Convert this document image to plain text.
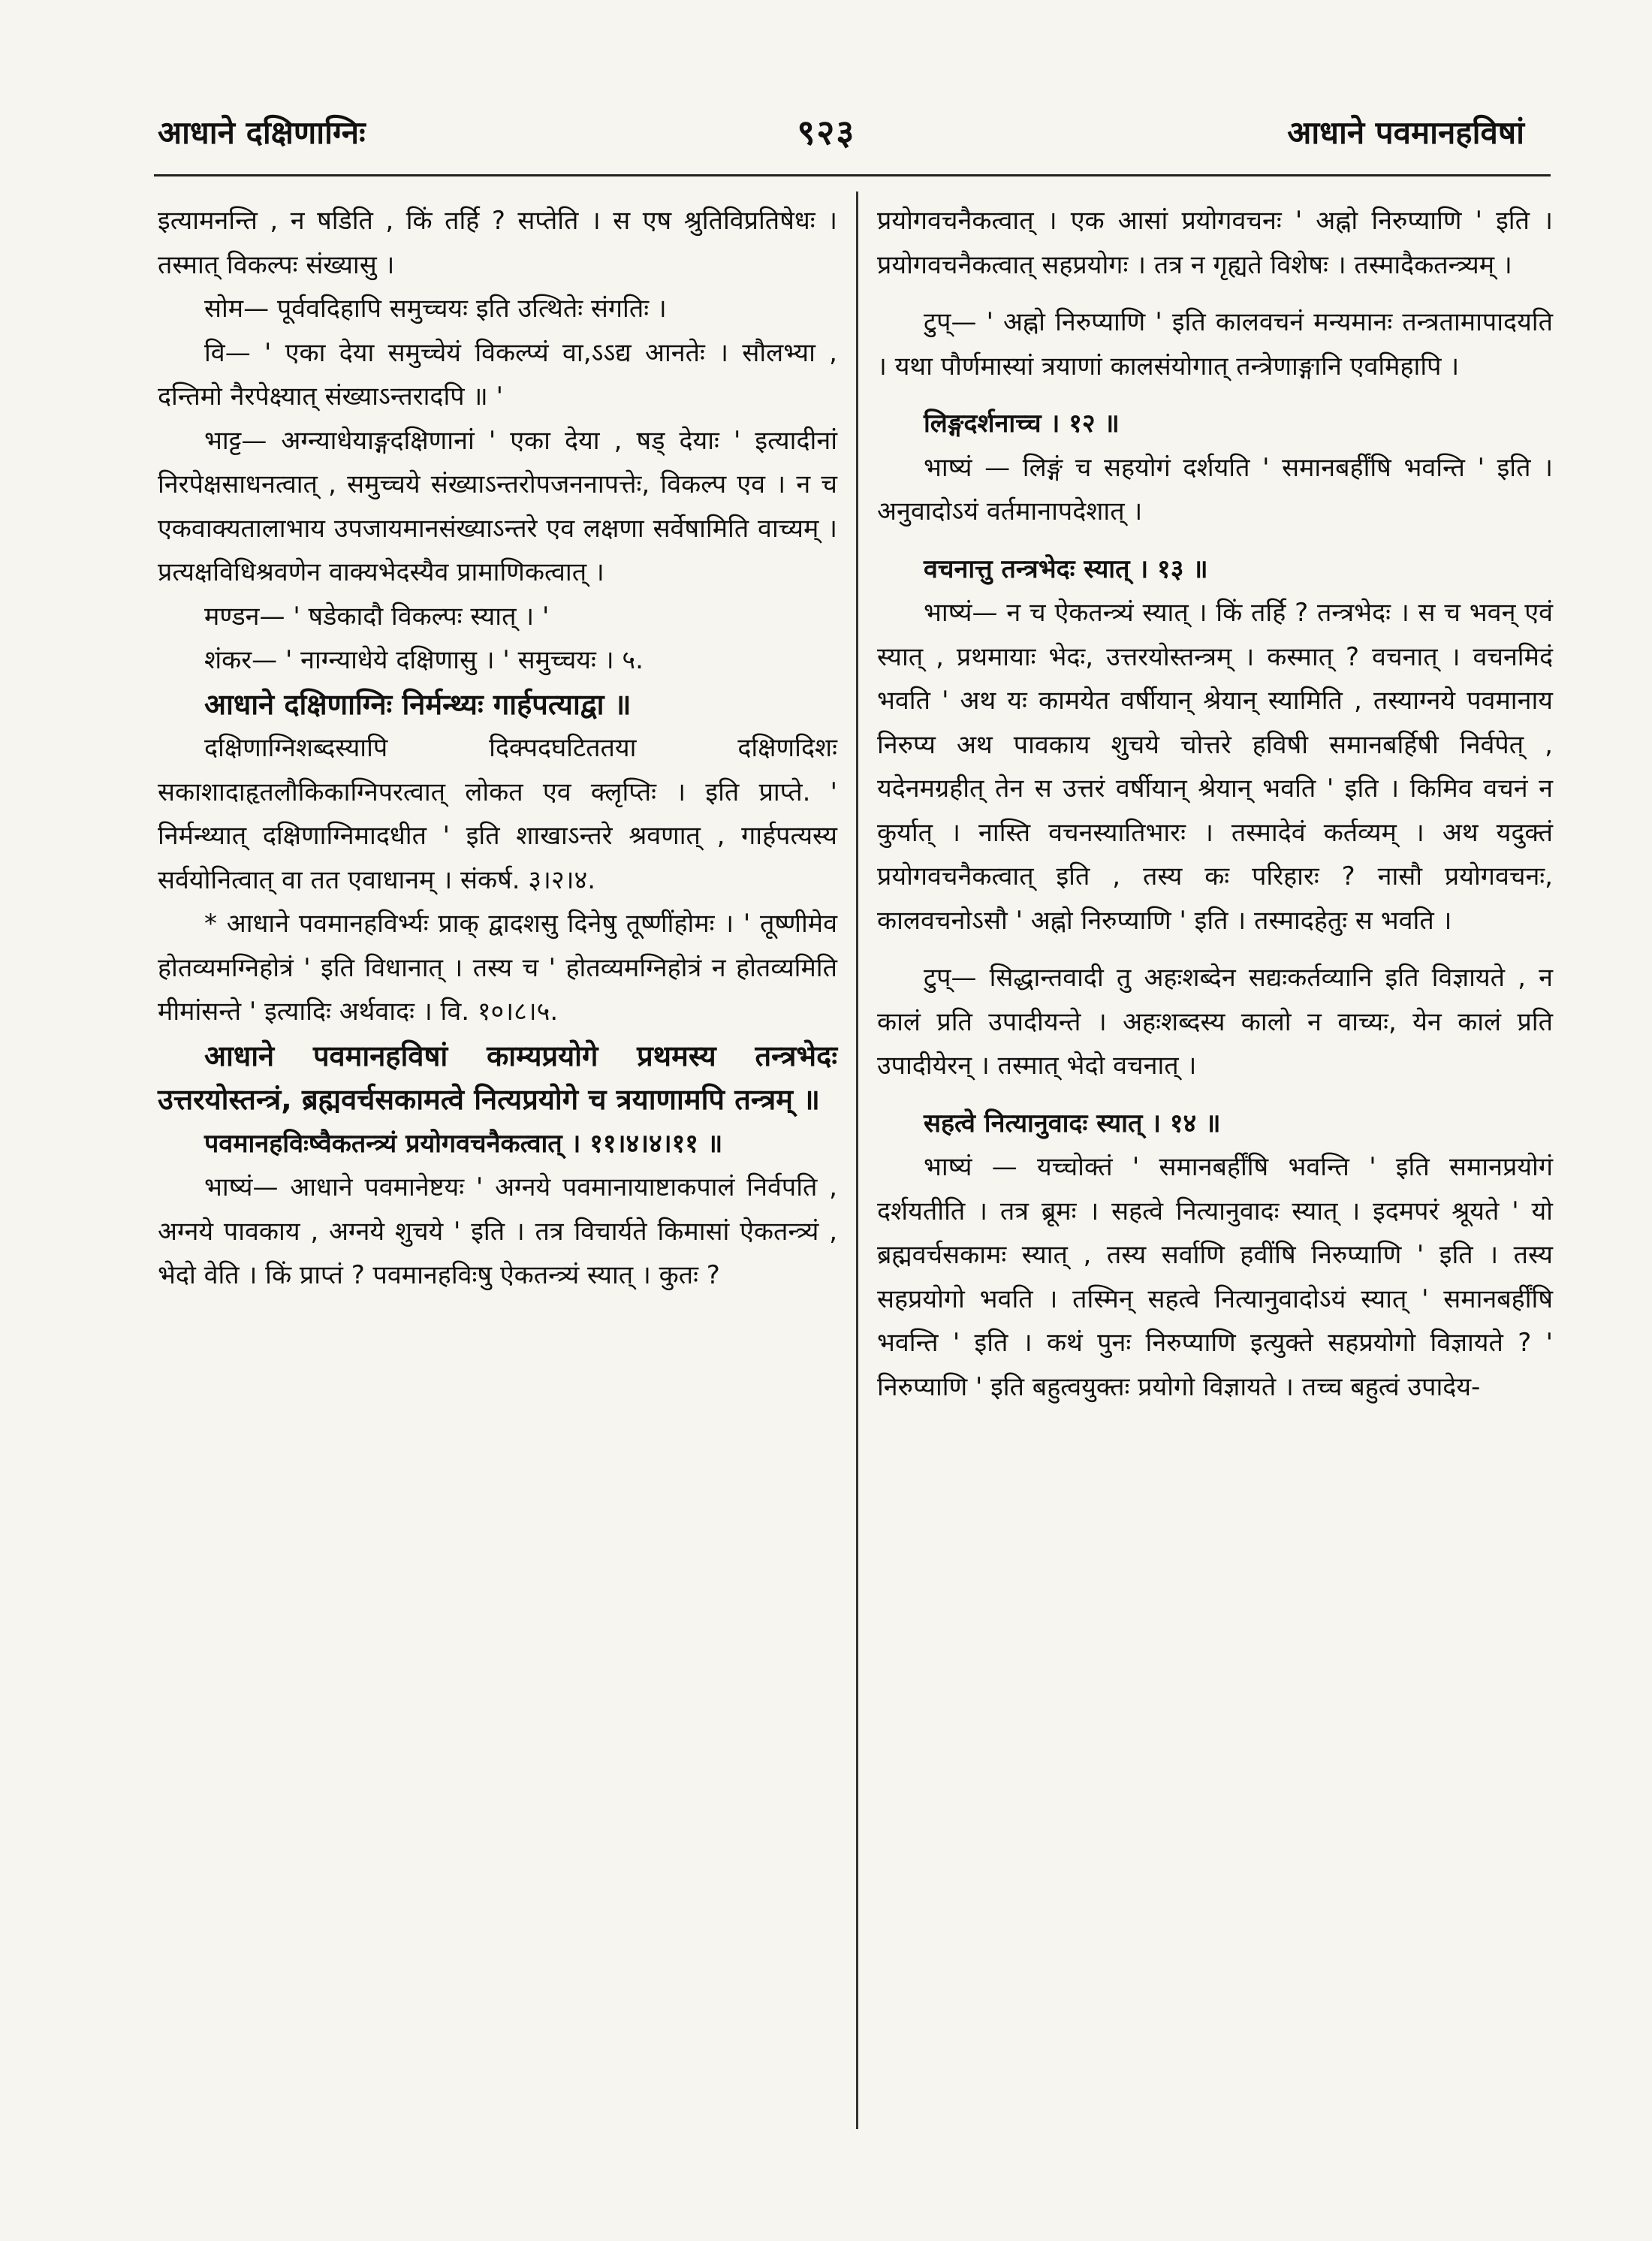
आधाने दक्षिणाग्निः	९२३	आधाने पवमानहविषां

इत्यामनन्ति , न षडिति , किं तर्हि ? सप्तेति । स एष श्रुतिविप्रतिषेधः । तस्मात् विकल्पः संख्यासु ।

सोम— पूर्ववदिहापि समुच्चयः इति उत्थितेः संगतिः ।

वि— ' एका देया समुच्चेयं विकल्प्यं वा,ऽऽद्य आनतेः । सौलभ्या , दन्तिमो नैरपेक्ष्यात् संख्याऽन्तरादपि ॥ '

भाट्ट— अग्न्याधेयाङ्गदक्षिणानां ' एका देया , षड् देयाः ' इत्यादीनां निरपेक्षसाधनत्वात् , समुच्चये संख्याऽन्तरोपजननापत्तेः, विकल्प एव । न च एकवाक्यतालाभाय उपजायमानसंख्याऽन्तरे एव लक्षणा सर्वेषामिति वाच्यम् । प्रत्यक्षविधिश्रवणेन वाक्यभेदस्यैव प्रामाणिकत्वात् ।

मण्डन— ' षडेकादौ विकल्पः स्यात् । '

शंकर— ' नाग्न्याधेये दक्षिणासु । ' समुच्चयः । ५.

आधाने दक्षिणाग्निः निर्मन्थ्यः गार्हपत्याद्वा ॥

दक्षिणाग्निशब्दस्यापि दिक्पदघटिततया दक्षिणदिशः सकाशादाहृतलौकिकाग्निपरत्वात् लोकत एव क्लृप्तिः । इति प्राप्ते. ' निर्मन्थ्यात् दक्षिणाग्निमादधीत ' इति शाखाऽन्तरे श्रवणात् , गार्हपत्यस्य सर्वयोनित्वात् वा तत एवाधानम् । संकर्ष. ३।२।४.

* आधाने पवमानहविर्भ्यः प्राक् द्वादशसु दिनेषु तूष्णींहोमः । ' तूष्णीमेव होतव्यमग्निहोत्रं ' इति विधानात् । तस्य च ' होतव्यमग्निहोत्रं न होतव्यमिति मीमांसन्ते ' इत्यादिः अर्थवादः । वि. १०।८।५.

आधाने पवमानहविषां काम्यप्रयोगे प्रथमस्य तन्त्रभेदः उत्तरयोस्तन्त्रं, ब्रह्मवर्चसकामत्वे नित्यप्रयोगे च त्रयाणामपि तन्त्रम् ॥

पवमानहविःष्वैकतन्त्र्यं प्रयोगवचनैकत्वात् । ११।४।४।११ ॥

भाष्यं— आधाने पवमानेष्टयः ' अग्नये पवमानायाष्टाकपालं निर्वपति , अग्नये पावकाय , अग्नये शुचये ' इति । तत्र विचार्यते किमासां ऐकतन्त्र्यं , भेदो वेति । किं प्राप्तं ? पवमानहविःषु ऐकतन्त्र्यं स्यात् । कुतः ?

प्रयोगवचनैकत्वात् । एक आसां प्रयोगवचनः ' अह्नो निरुप्याणि ' इति । प्रयोगवचनैकत्वात् सहप्रयोगः । तत्र न गृह्यते विशेषः । तस्मादैकतन्त्र्यम् ।

टुप्— ' अह्नो निरुप्याणि ' इति कालवचनं मन्यमानः तन्त्रतामापादयति । यथा पौर्णमास्यां त्रयाणां कालसंयोगात् तन्त्रेणाङ्गानि एवमिहापि ।

लिङ्गदर्शनाच्च । १२ ॥

भाष्यं — लिङ्गं च सहयोगं दर्शयति ' समानबर्हींषि भवन्ति ' इति । अनुवादोऽयं वर्तमानापदेशात् ।

वचनात्तु तन्त्रभेदः स्यात् । १३ ॥

भाष्यं— न च ऐकतन्त्र्यं स्यात् । किं तर्हि ? तन्त्रभेदः । स च भवन् एवं स्यात् , प्रथमायाः भेदः, उत्तरयोस्तन्त्रम् । कस्मात् ? वचनात् । वचनमिदं भवति ' अथ यः कामयेत वर्षीयान् श्रेयान् स्यामिति , तस्याग्नये पवमानाय निरुप्य अथ पावकाय शुचये चोत्तरे हविषी समानबर्हिषी निर्वपेत् , यदेनमग्रहीत् तेन स उत्तरं वर्षीयान् श्रेयान् भवति ' इति । किमिव वचनं न कुर्यात् । नास्ति वचनस्यातिभारः । तस्मादेवं कर्तव्यम् । अथ यदुक्तं प्रयोगवचनैकत्वात् इति , तस्य कः परिहारः ? नासौ प्रयोगवचनः, कालवचनोऽसौ ' अह्नो निरुप्याणि ' इति । तस्मादहेतुः स भवति ।

टुप्— सिद्धान्तवादी तु अहःशब्देन सद्यःकर्तव्यानि इति विज्ञायते , न कालं प्रति उपादीयन्ते । अहःशब्दस्य कालो न वाच्यः, येन कालं प्रति उपादीयेरन् । तस्मात् भेदो वचनात् ।

सहत्वे नित्यानुवादः स्यात् । १४ ॥

भाष्यं — यच्चोक्तं ' समानबर्हींषि भवन्ति ' इति समानप्रयोगं दर्शयतीति । तत्र ब्रूमः । सहत्वे नित्यानुवादः स्यात् । इदमपरं श्रूयते ' यो ब्रह्मवर्चसकामः स्यात् , तस्य सर्वाणि हवींषि निरुप्याणि ' इति । तस्य सहप्रयोगो भवति । तस्मिन् सहत्वे नित्यानुवादोऽयं स्यात् ' समानबर्हींषि भवन्ति ' इति । कथं पुनः निरुप्याणि इत्युक्ते सहप्रयोगो विज्ञायते ? ' निरुप्याणि ' इति बहुत्वयुक्तः प्रयोगो विज्ञायते । तच्च बहुत्वं उपादेय-
